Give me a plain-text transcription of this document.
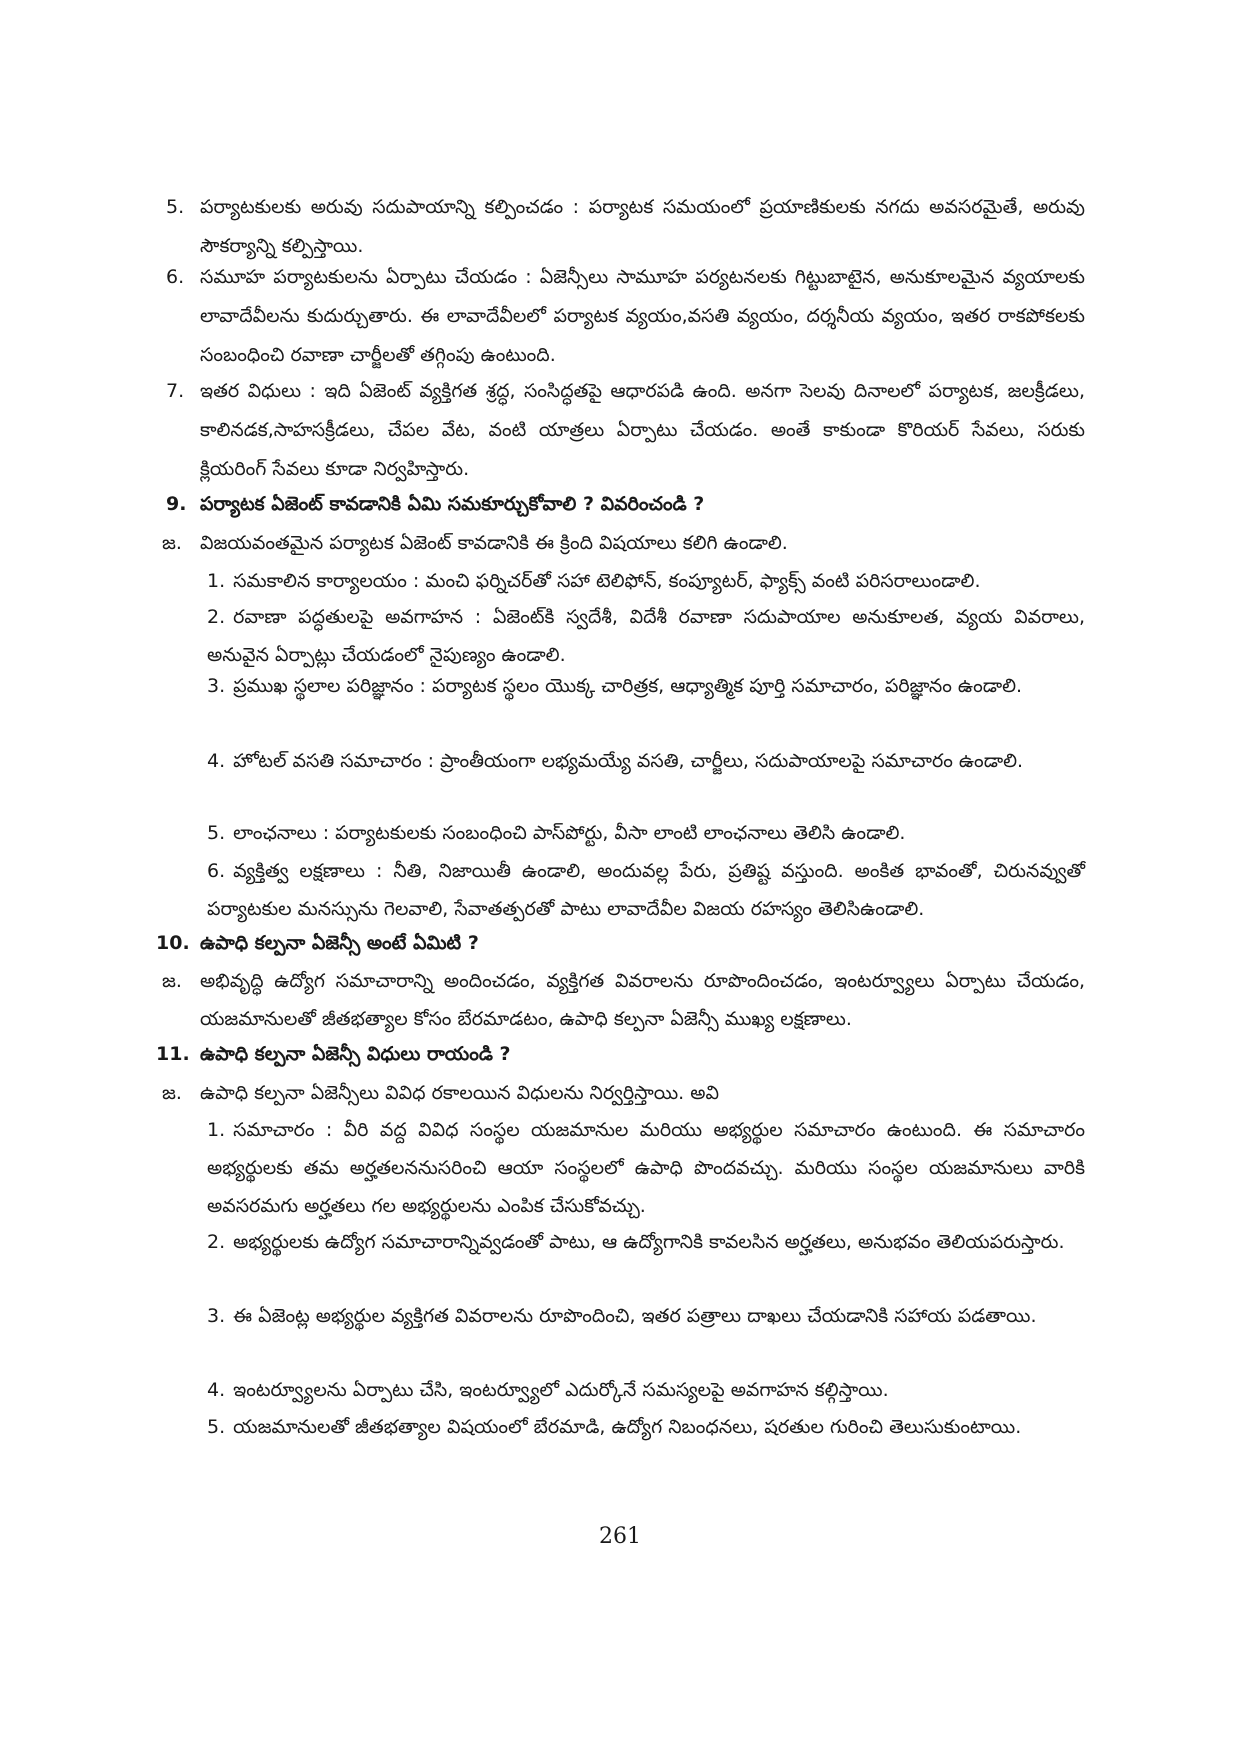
5. పర్యాటకులకు అరువు సదుపాయాన్ని కల్పించడం : పర్యాటక సమయంలో ప్రయాణికులకు నగదు అవసరమైతే, అరువు సౌకర్యాన్ని కల్పిస్తాయి.
6. సమూహ పర్యాటకులను ఏర్పాటు చేయడం : ఏజెన్సీలు సామూహ పర్యటనలకు గిట్టుబాటైన, అనుకూలమైన వ్యయాలకు లావాదేవీలను కుదుర్చుతారు. ఈ లావాదేవీలలో పర్యాటక వ్యయం,వసతి వ్యయం, దర్శనీయ వ్యయం, ఇతర రాకపోకలకు సంబంధించి రవాణా చార్జీలతో తగ్గింపు ఉంటుంది.
7. ఇతర విధులు : ఇది ఏజెంట్ వ్యక్తిగత శ్రద్ధ, సంసిద్ధతపై ఆధారపడి ఉంది. అనగా సెలవు దినాలలో పర్యాటక, జలక్రీడలు, కాలినడక,సాహసక్రీడలు, చేపల వేట, వంటి యాత్రలు ఏర్పాటు చేయడం. అంతే కాకుండా కొరియర్ సేవలు, సరుకు క్లియరింగ్ సేవలు కూడా నిర్వహిస్తారు.
9. పర్యాటక ఏజెంట్ కావడానికి ఏమి సమకూర్చుకోవాలి ? వివరించండి ?
జ. విజయవంతమైన పర్యాటక ఏజెంట్ కావడానికి ఈ క్రింది విషయాలు కలిగి ఉండాలి.
1. సమకాలిన కార్యాలయం : మంచి ఫర్నిచర్‌తో సహా టెలిఫోన్, కంప్యూటర్, ఫ్యాక్స్ వంటి పరిసరాలుండాలి.
2. రవాణా పద్ధతులపై అవగాహన : ఏజెంట్‌కి స్వదేశీ, విదేశీ రవాణా సదుపాయాల అనుకూలత, వ్యయ వివరాలు, అనువైన ఏర్పాట్లు చేయడంలో నైపుణ్యం ఉండాలి.
3. ప్రముఖ స్థలాల పరిజ్ఞానం : పర్యాటక స్థలం యొక్క చారిత్రక, ఆధ్యాత్మిక పూర్తి సమాచారం, పరిజ్ఞానం ఉండాలి.
4. హోటల్ వసతి సమాచారం : ప్రాంతీయంగా లభ్యమయ్యే వసతి, చార్జీలు, సదుపాయాలపై సమాచారం ఉండాలి.
5. లాంఛనాలు : పర్యాటకులకు సంబంధించి పాస్‌పోర్టు, వీసా లాంటి లాంఛనాలు తెలిసి ఉండాలి.
6. వ్యక్తిత్వ లక్షణాలు : నీతి, నిజాయితీ ఉండాలి, అందువల్ల పేరు, ప్రతిష్ట వస్తుంది. అంకిత భావంతో, చిరునవ్వుతో పర్యాటకుల మనస్సును గెలవాలి, సేవాతత్పరతో పాటు లావాదేవీల విజయ రహస్యం తెలిసిఉండాలి.
10. ఉపాధి కల్పనా ఏజెన్సీ అంటే ఏమిటి ?
జ. అభివృద్ధి ఉద్యోగ సమాచారాన్ని అందించడం, వ్యక్తిగత వివరాలను రూపొందించడం, ఇంటర్వ్యూలు ఏర్పాటు చేయడం, యజమానులతో జీతభత్యాల కోసం బేరమాడటం, ఉపాధి కల్పనా ఏజెన్సీ ముఖ్య లక్షణాలు.
11. ఉపాధి కల్పనా ఏజెన్సీ విధులు రాయండి ?
జ. ఉపాధి కల్పనా ఏజెన్సీలు వివిధ రకాలయిన విధులను నిర్వర్తిస్తాయి. అవి
1. సమాచారం : వీరి వద్ద వివిధ సంస్థల యజమానుల మరియు అభ్యర్థుల సమాచారం ఉంటుంది. ఈ సమాచారం అభ్యర్థులకు తమ అర్హతలననుసరించి ఆయా సంస్థలలో ఉపాధి పొందవచ్చు. మరియు సంస్థల యజమానులు వారికి అవసరమగు అర్హతలు గల అభ్యర్థులను ఎంపిక చేసుకోవచ్చు.
2. అభ్యర్థులకు ఉద్యోగ సమాచారాన్నివ్వడంతో పాటు, ఆ ఉద్యోగానికి కావలసిన అర్హతలు, అనుభవం తెలియపరుస్తారు.
3. ఈ ఏజెంట్ల అభ్యర్థుల వ్యక్తిగత వివరాలను రూపొందించి, ఇతర పత్రాలు దాఖలు చేయడానికి సహాయ పడతాయి.
4. ఇంటర్వ్యూలను ఏర్పాటు చేసి, ఇంటర్వ్యూలో ఎదుర్కోనే సమస్యలపై అవగాహన కల్గిస్తాయి.
5. యజమానులతో జీతభత్యాల విషయంలో బేరమాడి, ఉద్యోగ నిబంధనలు, షరతుల గురించి తెలుసుకుంటాయి.
261
